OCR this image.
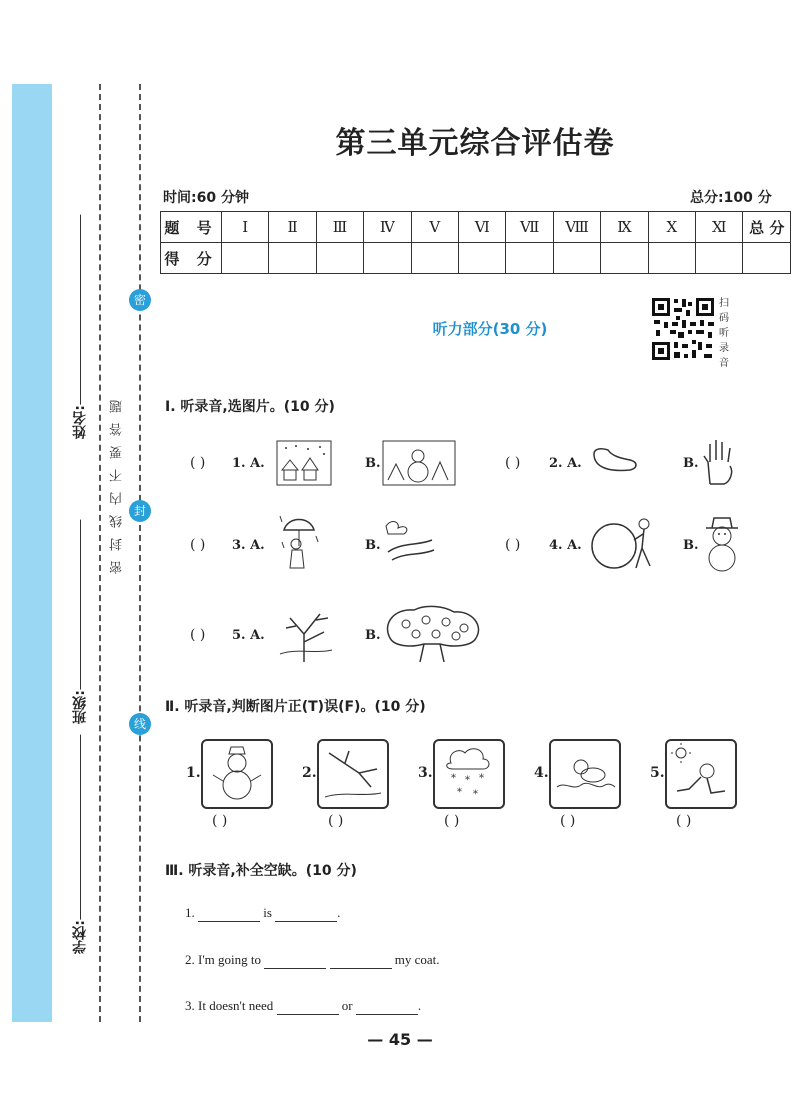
姓名:
班级:
学校:
密
封
线
密封线内不要答题
第三单元综合评估卷
时间:60 分钟	总分:100 分
题 号	Ⅰ	Ⅱ	Ⅲ	Ⅳ	Ⅴ	Ⅵ	Ⅶ	Ⅷ	Ⅸ	Ⅹ	Ⅺ	总 分
得 分												
听力部分(30 分)
扫码听录音
Ⅰ. 听录音,选图片。(10 分)
( ) 1. A.	B.	( ) 2. A.	B.
( ) 3. A.	B.	( ) 4. A.	B.
( ) 5. A.	B.
Ⅱ. 听录音,判断图片正(T)误(F)。(10 分)
1.
( )
2.
( )
3. * * *
* *
( )
4.
( )
5.
( )
Ⅲ. 听录音,补全空缺。(10 分)
1.	is	.
2. I'm going to	my coat.
3. It doesn't need	or	.
— 45 —
